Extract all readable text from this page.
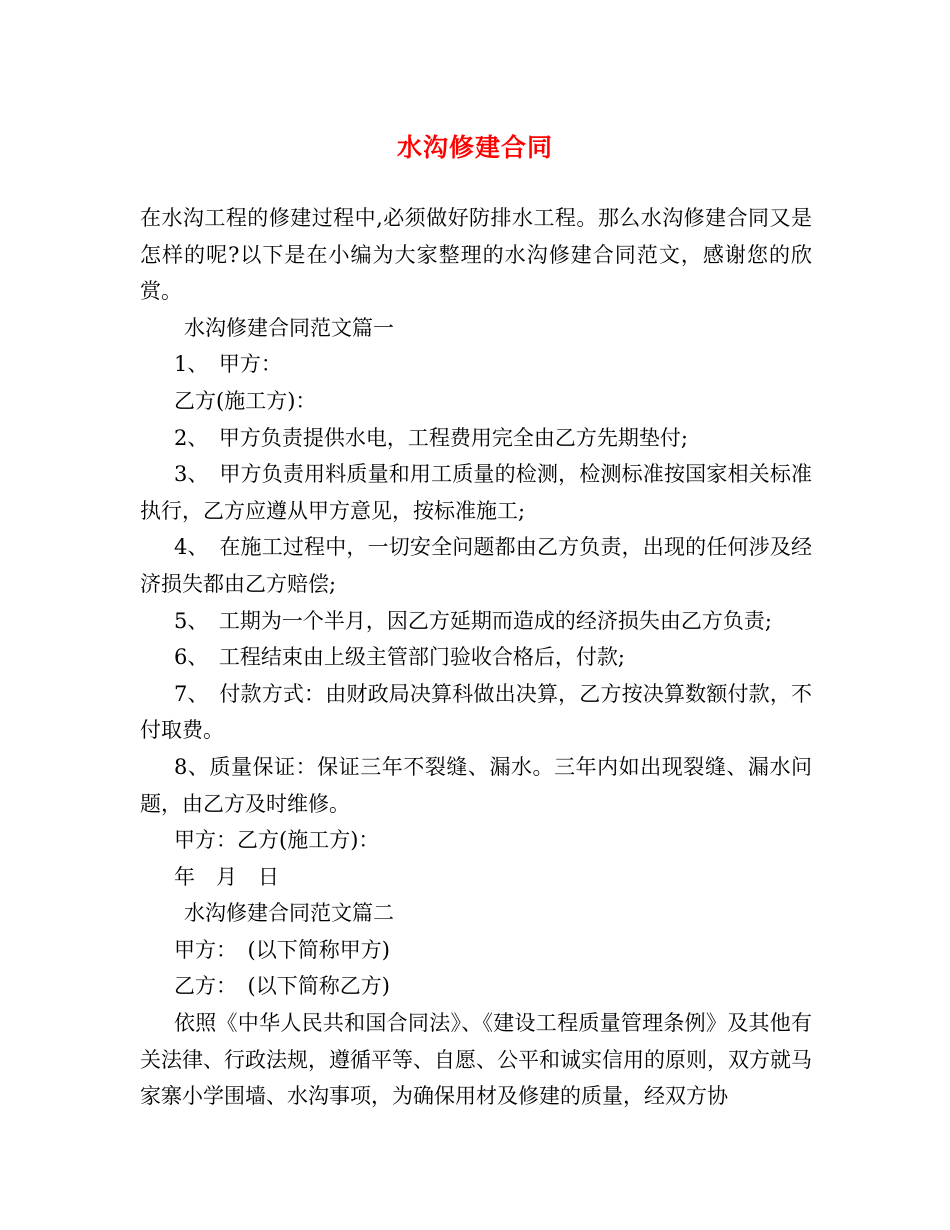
水沟修建合同

在水沟工程的修建过程中,必须做好防排水工程。那么水沟修建合同又是怎样的呢?以下是在小编为大家整理的水沟修建合同范文，感谢您的欣赏。

水沟修建合同范文篇一

1、　甲方：

乙方(施工方)：

2、　甲方负责提供水电，工程费用完全由乙方先期垫付;

3、　甲方负责用料质量和用工质量的检测，检测标准按国家相关标准执行，乙方应遵从甲方意见，按标准施工;

4、　在施工过程中，一切安全问题都由乙方负责，出现的任何涉及经济损失都由乙方赔偿;

5、　工期为一个半月，因乙方延期而造成的经济损失由乙方负责;

6、　工程结束由上级主管部门验收合格后，付款;

7、　付款方式：由财政局决算科做出决算，乙方按决算数额付款，不付取费。

8、质量保证：保证三年不裂缝、漏水。三年内如出现裂缝、漏水问题，由乙方及时维修。

甲方：乙方(施工方)：

年　月　日

水沟修建合同范文篇二

甲方：　(以下简称甲方)

乙方：　(以下简称乙方)

依照《中华人民共和国合同法》、《建设工程质量管理条例》及其他有关法律、行政法规，遵循平等、自愿、公平和诚实信用的原则，双方就马家寨小学围墙、水沟事项，为确保用材及修建的质量，经双方协
